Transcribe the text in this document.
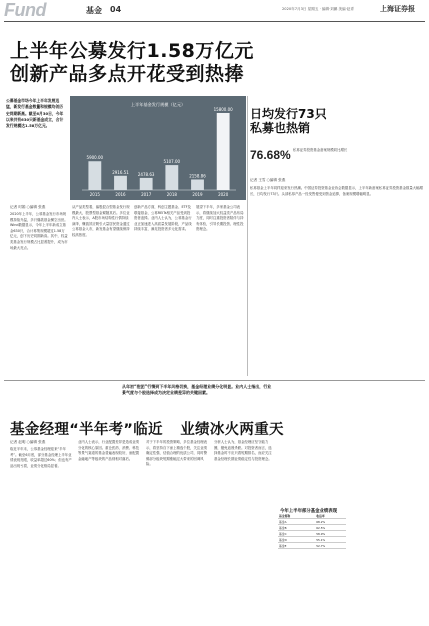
Fund	基金 04	2020年7月3日 星期五 · 编辑·刘鹏 美编·赵青	上海证券报
上半年公募发行1.58万亿元
创新产品多点开花受到热捧
公募基金市场今年上半年发展迅猛，新发行基金数量和规模均创历史同期新高。截至6月30日，今年以来共有630只新基金成立，合计发行规模达1.58万亿元。
上半年基金发行规模（亿元）
5900.00
2015
2916.51
2016
2478.63
2017
5107.00
2018
2158.86
2019
15800.00
2020
记者 时娟 ○编辑 张燕
2020年上半年，公募基金发行市场规模持续升温，多只爆款基金横空出世。Wind数据显示，今年上半年新成立基金630只，合计募集规模超过1.58万亿元，创下历史同期新高。其中，权益类基金发行规模占比显著提升，成为市场最大亮点。
从产品类型看，偏股混合型基金发行规模最大，股票型基金紧随其后。多位业内人士表示，A股市场结构性行情持续演绎，赚钱效应吸引大量居民资金通过公募基金入市，新发基金有望继续保持较高热度。
创新产品方面，科创主题基金、ETF及联接基金、公募REITs相关产品受到投资者追捧。业内人士认为，公募基金行业正加速进入高质量发展阶段，产品线持续丰富，满足投资者多元化需求。
展望下半年，多家基金公司表示，将继续加大权益类产品布局力度，同时注重投资者陪伴与持有体验，引导长期投资、理性投资理念。
日均发行73只
私募也热销
76.68% 私募证券投资基金备案规模同比增长
记者 王雪 ○编辑 张燕
私募基金上半年同样迎来发行热潮。中国证券投资基金业协会数据显示，上半年新备案私募证券投资基金数量大幅增长，日均发行73只。头部私募产品一经发售便受到资金追捧，备案规模增幅明显。
从年初“抱团”行情到下半年风格切换，基金经理业绩分化明显。业内人士指出，行业景气度与个股选择成为决定业绩差异的关键因素。
基金经理“半年考”临近 业绩冰火两重天
记者 赵明 ○编辑 张燕
临近半年末，公募基金经理迎来“半年考”。截至6月底，部分基金经理上半年业绩表现亮眼，收益率超过60%；但也有产品出现亏损，业绩分化格局显著。
业内人士表示，行业配置差异是造成业绩分化的核心原因。重仓医药、消费、科技等景气赛道的基金普遍表现较好，而配置金融地产等板块的产品则相对落后。
对于下半年的投资策略，多位基金经理表示，将坚持自下而上精选个股，关注业绩确定性强、估值合理的优质公司，同时警惕部分板块短期涨幅过大带来的回调风险。
分析人士认为，基金经理应坚守能力圈，避免追涨杀跌。对投资者而言，选择基金时不应只看短期排名，而应关注基金经理长期业绩稳定性与投资理念。
今年上半年部分基金业绩表现
基金简称	收益率
基金A	68.2%
基金B	62.5%
基金C	58.9%
基金D	55.1%
基金E	52.7%
